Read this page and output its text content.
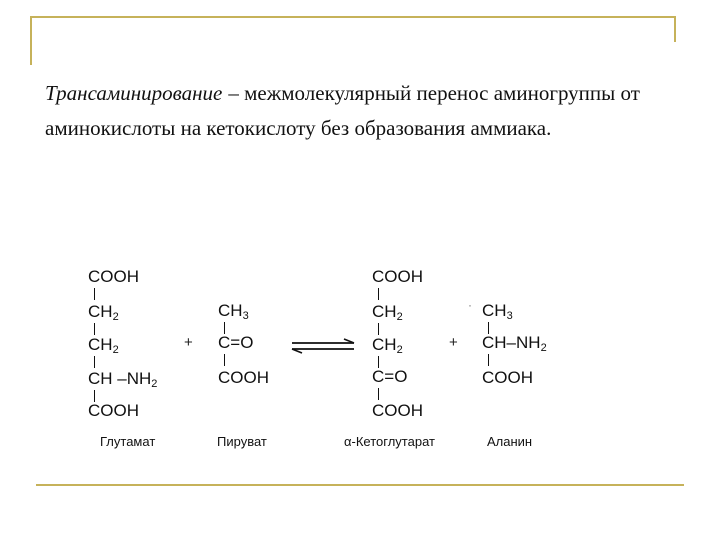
Трансаминирование – межмолекулярный перенос аминогруппы от аминокислоты на кетокислоту без образования аммиака.
COOH
$CH_2$
$CH_2$
CH $-NH_2$
COOH
+
$CH_3$
C=O
COOH
COOH
$CH_2$
$CH_2$
C=O
COOH
·
+
$CH_3$
$CH-NH_2$
COOH
Глутамат	Пируват	α-Кетоглутарат	Аланин
